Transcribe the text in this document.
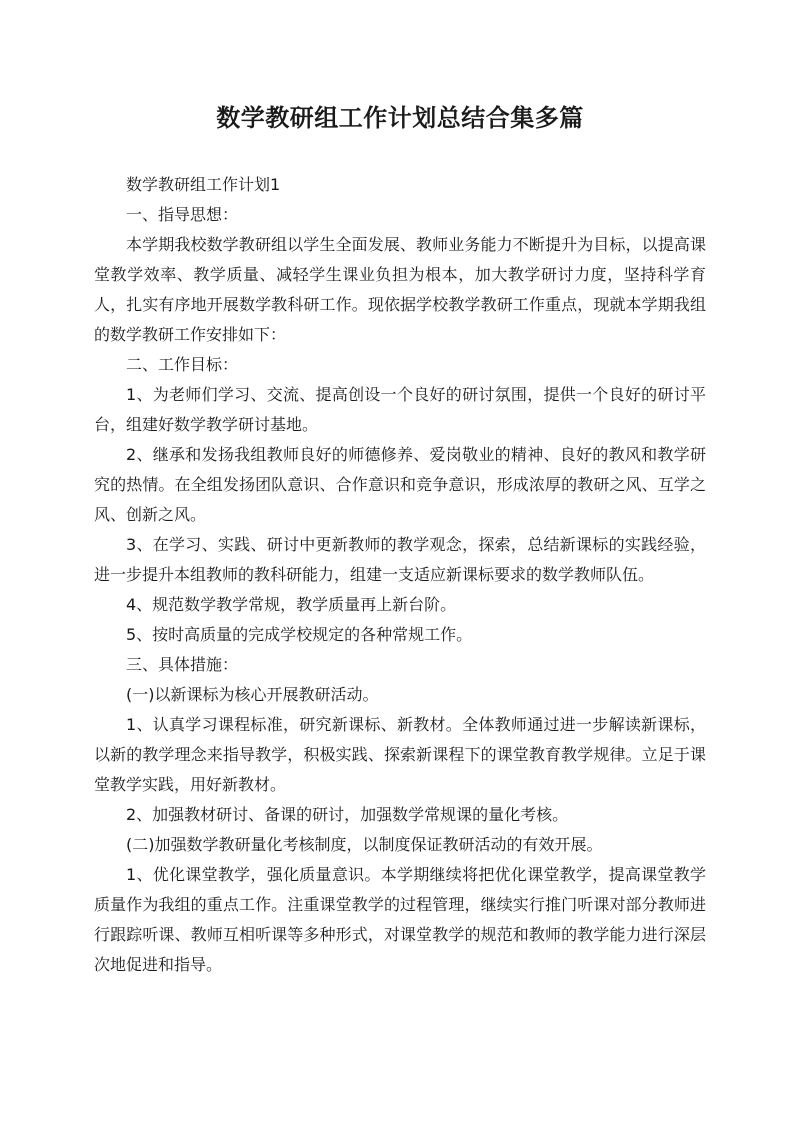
数学教研组工作计划总结合集多篇

数学教研组工作计划1

一、指导思想：

本学期我校数学教研组以学生全面发展、教师业务能力不断提升为目标，以提高课堂教学效率、教学质量、减轻学生课业负担为根本，加大教学研讨力度，坚持科学育人，扎实有序地开展数学教科研工作。现依据学校教学教研工作重点，现就本学期我组的数学教研工作安排如下：

二、工作目标：

1、为老师们学习、交流、提高创设一个良好的研讨氛围，提供一个良好的研讨平台，组建好数学教学研讨基地。

2、继承和发扬我组教师良好的师德修养、爱岗敬业的精神、良好的教风和教学研究的热情。在全组发扬团队意识、合作意识和竞争意识，形成浓厚的教研之风、互学之风、创新之风。

3、在学习、实践、研讨中更新教师的教学观念，探索，总结新课标的实践经验，进一步提升本组教师的教科研能力，组建一支适应新课标要求的数学教师队伍。

4、规范数学教学常规，教学质量再上新台阶。

5、按时高质量的完成学校规定的各种常规工作。

三、具体措施：

(一)以新课标为核心开展教研活动。

1、认真学习课程标准，研究新课标、新教材。全体教师通过进一步解读新课标，以新的教学理念来指导教学，积极实践、探索新课程下的课堂教育教学规律。立足于课堂教学实践，用好新教材。

2、加强教材研讨、备课的研讨，加强数学常规课的量化考核。

(二)加强数学教研量化考核制度，以制度保证教研活动的有效开展。

1、优化课堂教学，强化质量意识。本学期继续将把优化课堂教学，提高课堂教学质量作为我组的重点工作。注重课堂教学的过程管理，继续实行推门听课对部分教师进行跟踪听课、教师互相听课等多种形式，对课堂教学的规范和教师的教学能力进行深层次地促进和指导。
